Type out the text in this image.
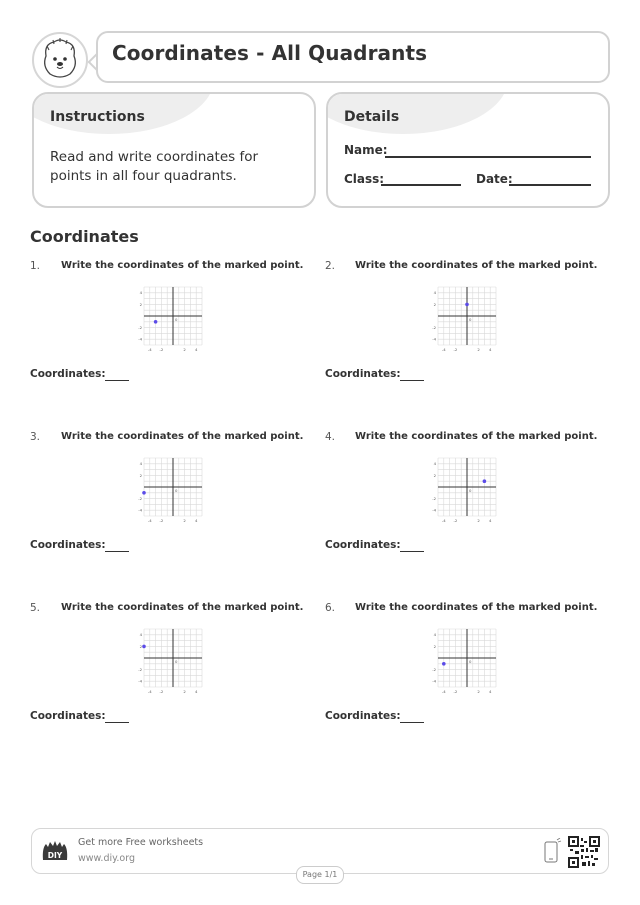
Coordinates - All Quadrants
Instructions
Read and write coordinates for points in all four quadrants.
Details
Name:
Class:	Date:
Coordinates
1. Write the coordinates of the marked point.
-4 -2	2 4
4
2
-2
-4
0
Coordinates:
2. Write the coordinates of the marked point.
-4 -2	2 4
4
2
-2
-4
0
Coordinates:
3. Write the coordinates of the marked point.
-4 -2	2 4
4
2
-2
-4
0
Coordinates:
4. Write the coordinates of the marked point.
-4 -2	2 4
4
2
-2
-4
0
Coordinates:
5. Write the coordinates of the marked point.
-4 -2	2 4
4
2
-2
-4
0
Coordinates:
6. Write the coordinates of the marked point.
-4 -2	2 4
4
2
-2
-4
0
Coordinates:
DIY
Get more Free worksheets
www.diy.org
Page 1/1
